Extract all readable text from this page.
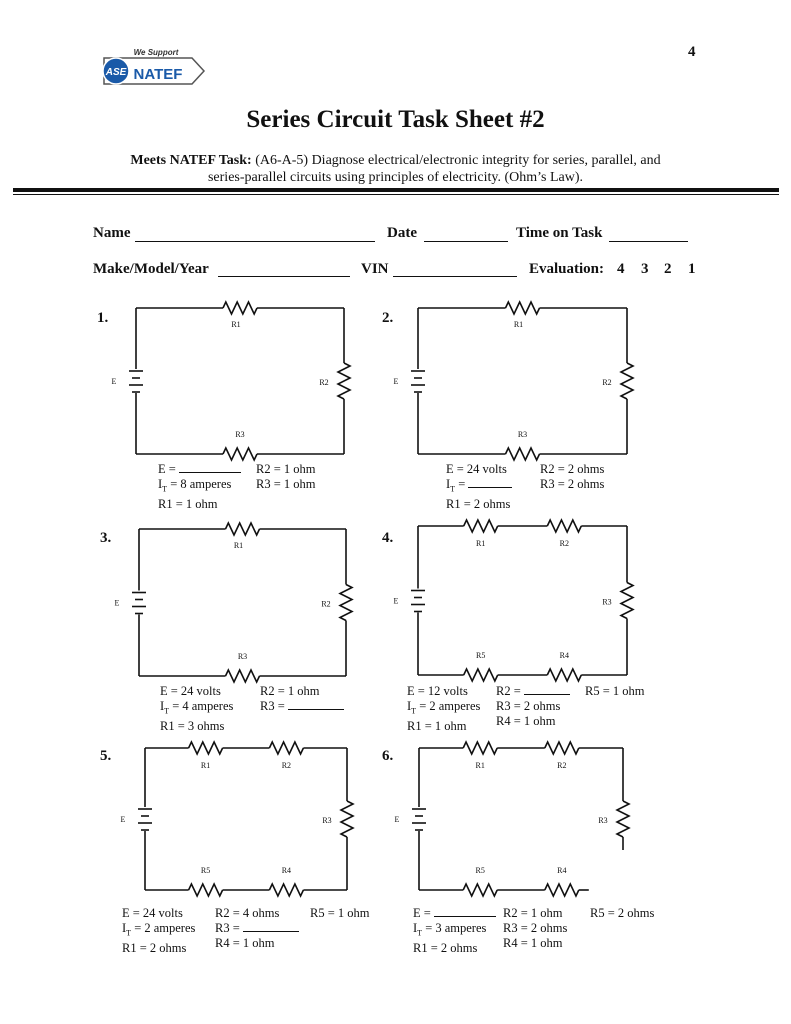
4
ASE NATEF
We Support
Series Circuit Task Sheet #2
Meets NATEF Task: (A6-A-5) Diagnose electrical/electronic integrity for series, parallel, and
series-parallel circuits using principles of electricity. (Ohm’s Law).
Name	Date	Time on Task
Make/Model/Year	VIN	Evaluation: 4 3 2 1
E	R2
R1
R3
E	R2
R1
R3
E	R2
R1
R3
E	R3
R1	R2
R5	R4
E	R3
R1	R2
R5	R4
E	R3
R1	R2
R5	R4
1.
E =
$I_T = 8$ amperes
R1 = 1 ohm
R2 = 1 ohm
R3 = 1 ohm
2.
E = 24 volts
$I_T$ =
R1 = 2 ohms
R2 = 2 ohms
R3 = 2 ohms
3.
E = 24 volts
$I_T = 4$ amperes
R1 = 3 ohms
R2 = 1 ohm
R3 =
4.
E = 12 volts
$I_T = 2$ amperes
R1 = 1 ohm
R2 =
R3 = 2 ohms
R4 = 1 ohm
R5 = 1 ohm
5.
E = 24 volts
$I_T = 2$ amperes
R1 = 2 ohms
R2 = 4 ohms
R3 =
R4 = 1 ohm
R5 = 1 ohm
6.
E =
$I_T = 3$ amperes
R1 = 2 ohms
R2 = 1 ohm
R3 = 2 ohms
R4 = 1 ohm
R5 = 2 ohms
